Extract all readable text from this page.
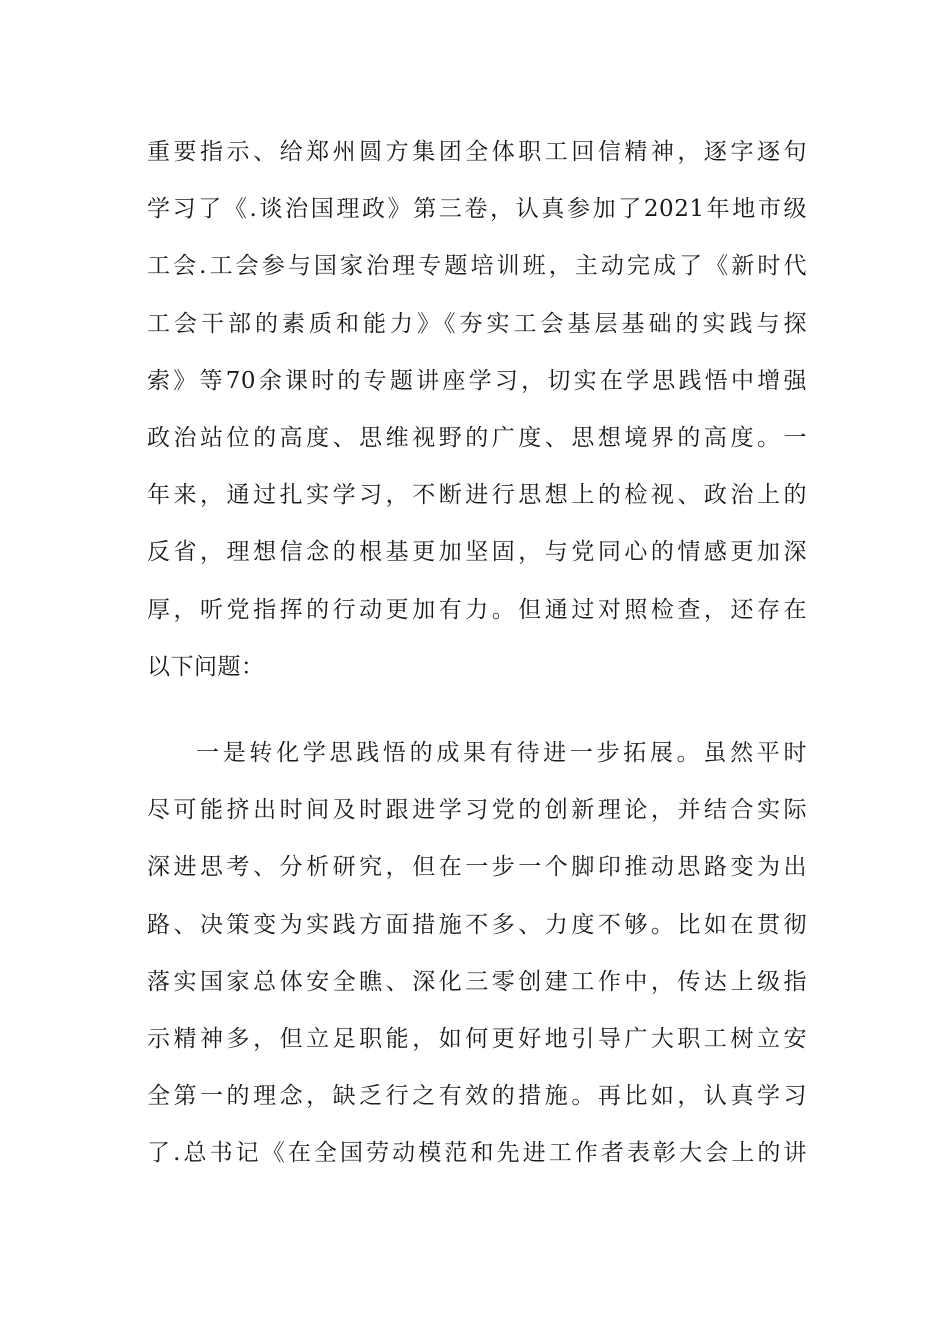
重要指示、给郑州圆方集团全体职工回信精神，逐字逐句
学习了《.谈治国理政》第三卷，认真参加了2021年地市级
工会.工会参与国家治理专题培训班，主动完成了《新时代
工会干部的素质和能力》《夯实工会基层基础的实践与探
索》等70余课时的专题讲座学习，切实在学思践悟中增强
政治站位的高度、思维视野的广度、思想境界的高度。一
年来，通过扎实学习，不断进行思想上的检视、政治上的
反省，理想信念的根基更加坚固，与党同心的情感更加深
厚，听党指挥的行动更加有力。但通过对照检查，还存在
以下问题：
一是转化学思践悟的成果有待进一步拓展。虽然平时
尽可能挤出时间及时跟进学习党的创新理论，并结合实际
深进思考、分析研究，但在一步一个脚印推动思路变为出
路、决策变为实践方面措施不多、力度不够。比如在贯彻
落实国家总体安全瞧、深化三零创建工作中，传达上级指
示精神多，但立足职能，如何更好地引导广大职工树立安
全第一的理念，缺乏行之有效的措施。再比如，认真学习
了.总书记《在全国劳动模范和先进工作者表彰大会上的讲
